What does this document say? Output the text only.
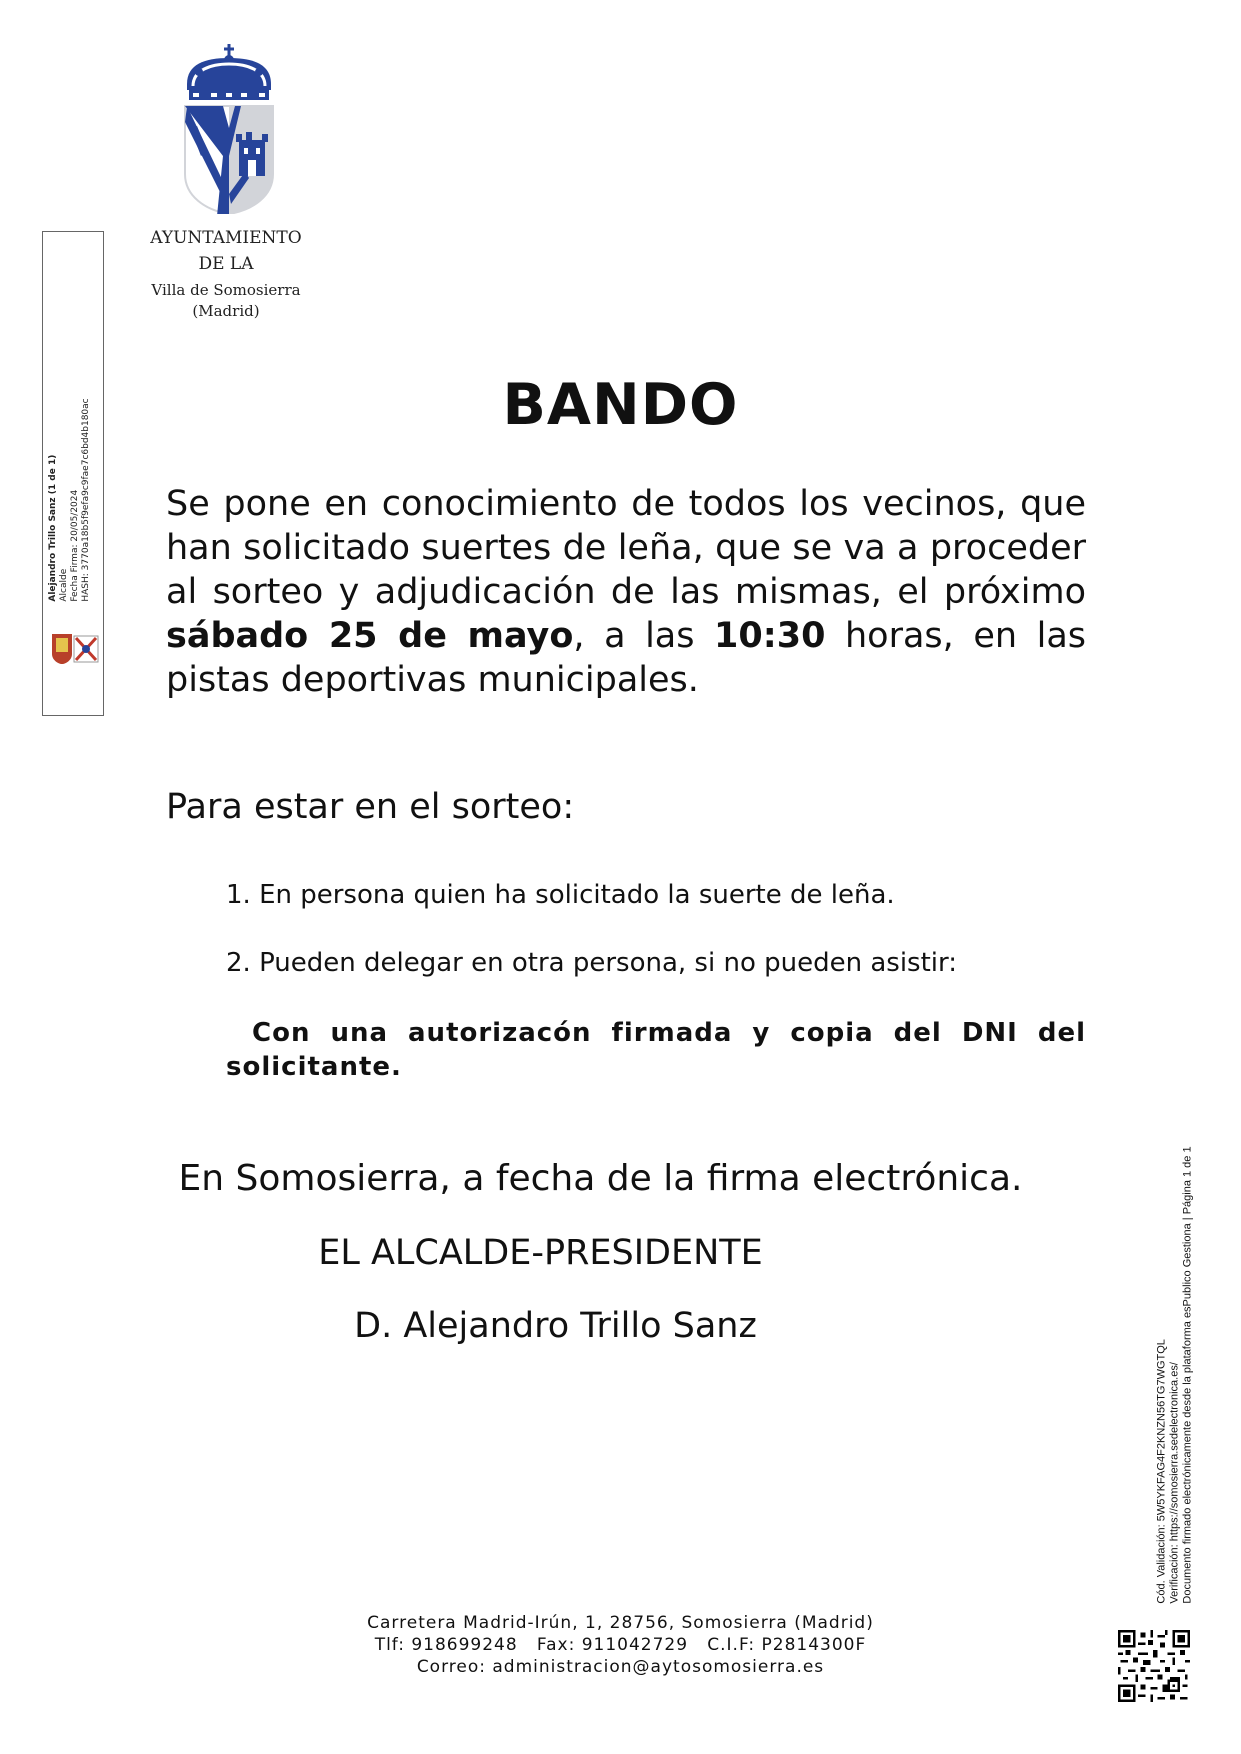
AYUNTAMIENTO
DE LA
Villa de Somosierra
(Madrid)
Alejandro Trillo Sanz (1 de 1) Alcalde Fecha Firma: 20/05/2024 HASH: 3770a18b5f9efa9c9fae7c6bd4b180ac	BANDO

Se pone en conocimiento de todos los vecinos, que han solicitado suertes de leña, que se va a proceder al sorteo y adjudicación de las mismas, el próximo sábado 25 de mayo, a las 10:30 horas, en las pistas deportivas municipales.

Para estar en el sorteo:

1. En persona quien ha solicitado la suerte de leña.

2. Pueden delegar en otra persona, si no pueden asistir:

Con una autorizacón firmada y copia del DNI del solicitante.

En Somosierra, a fecha de la firma electrónica.

EL ALCALDE-PRESIDENTE

D. Alejandro Trillo Sanz

Carretera Madrid-Irún, 1, 28756, Somosierra (Madrid)
Tlf: 918699248   Fax: 911042729   C.I.F: P2814300F
Correo: administracion@aytosomosierra.es
Cód. Validación: 5W5YKFAG4F2KNZN56TG7WGTQL Verificación: https://somosierra.sedelectronica.es/ Documento firmado electrónicamente desde la plataforma esPublico Gestiona | Página 1 de 1
